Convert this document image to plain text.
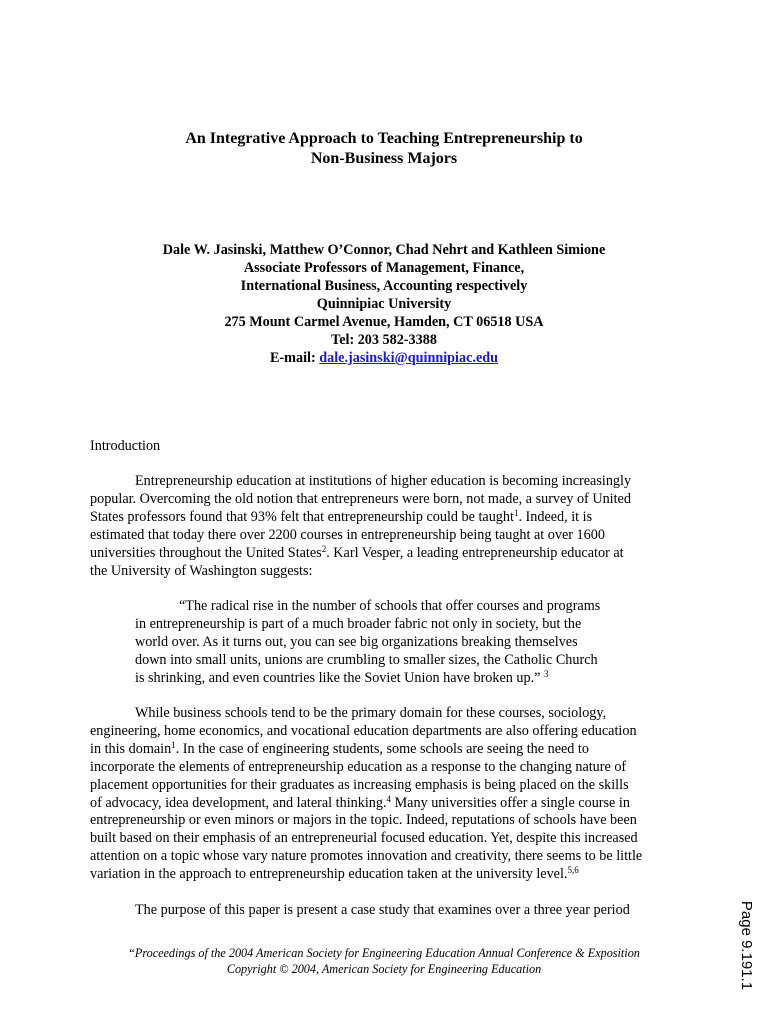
An Integrative Approach to Teaching Entrepreneurship to
Non-Business Majors
Dale W. Jasinski, Matthew O’Connor, Chad Nehrt and Kathleen Simione
Associate Professors of Management, Finance,
International Business, Accounting respectively
Quinnipiac University
275 Mount Carmel Avenue, Hamden, CT 06518 USA
Tel: 203 582-3388
E-mail: dale.jasinski@quinnipiac.edu
Introduction
Entrepreneurship education at institutions of higher education is becoming increasingly
popular. Overcoming the old notion that entrepreneurs were born, not made, a survey of United
States professors found that 93% felt that entrepreneurship could be taught$^1$. Indeed, it is
estimated that today there over 2200 courses in entrepreneurship being taught at over 1600
universities throughout the United States$^2$. Karl Vesper, a leading entrepreneurship educator at
the University of Washington suggests:
“The radical rise in the number of schools that offer courses and programs
in entrepreneurship is part of a much broader fabric not only in society, but the
world over. As it turns out, you can see big organizations breaking themselves
down into small units, unions are crumbling to smaller sizes, the Catholic Church
is shrinking, and even countries like the Soviet Union have broken up.” $^3$
While business schools tend to be the primary domain for these courses, sociology,
engineering, home economics, and vocational education departments are also offering education
in this domain$^1$. In the case of engineering students, some schools are seeing the need to
incorporate the elements of entrepreneurship education as a response to the changing nature of
placement opportunities for their graduates as increasing emphasis is being placed on the skills
of advocacy, idea development, and lateral thinking.$^4$ Many universities offer a single course in
entrepreneurship or even minors or majors in the topic. Indeed, reputations of schools have been
built based on their emphasis of an entrepreneurial focused education. Yet, despite this increased
attention on a topic whose vary nature promotes innovation and creativity, there seems to be little
variation in the approach to entrepreneurship education taken at the university level.$^{5,6}$
The purpose of this paper is present a case study that examines over a three year period
“Proceedings of the 2004 American Society for Engineering Education Annual Conference & Exposition
Copyright © 2004, American Society for Engineering Education	Page 9.191.1
